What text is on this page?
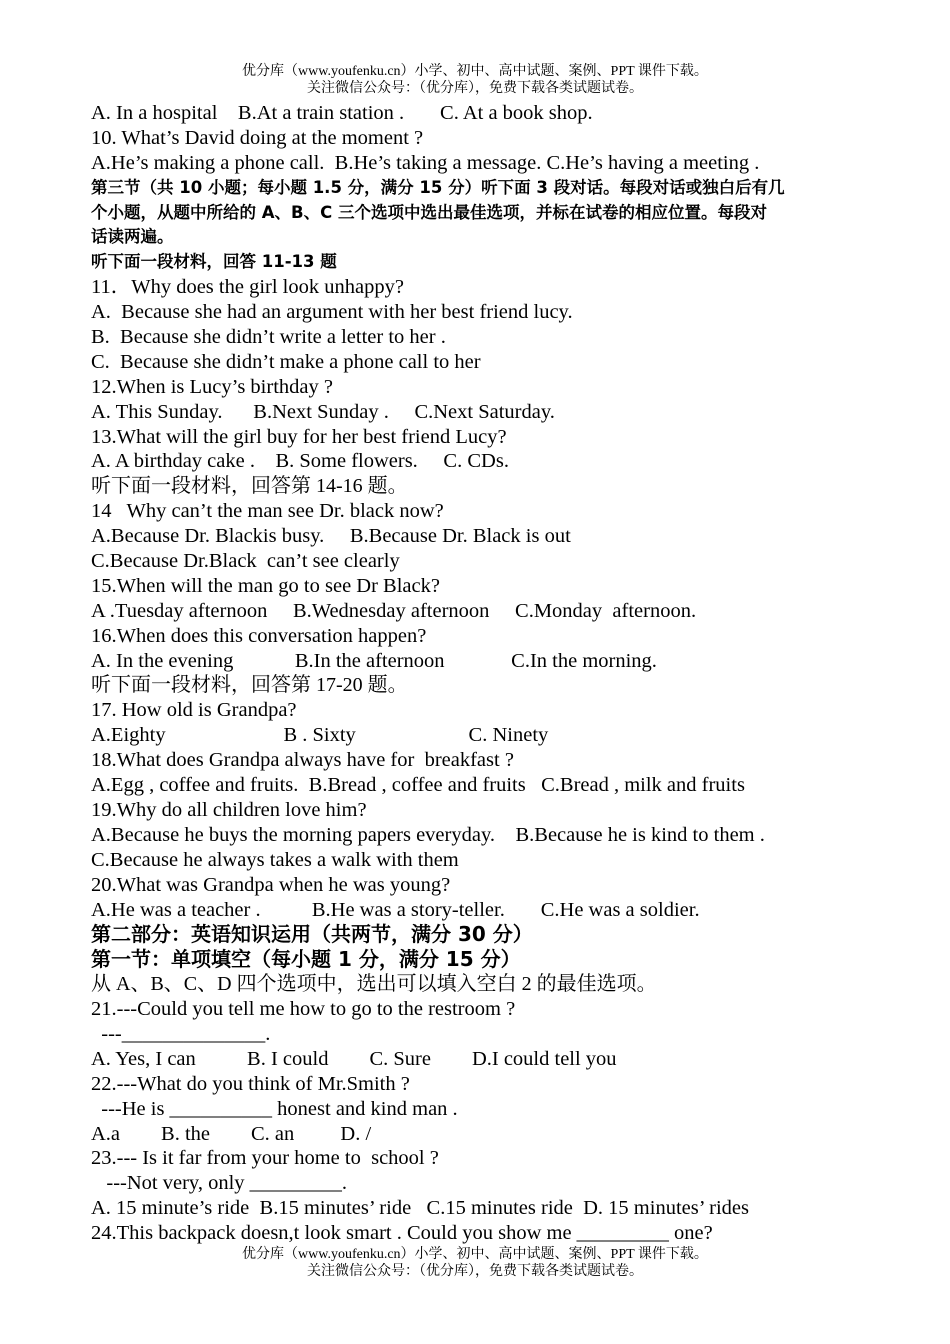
优分库（www.youfenku.cn）小学、初中、高中试题、案例、PPT 课件下载。
关注微信公众号：（优分库），免费下载各类试题试卷。
A. In a hospital    B.At a train station .       C. At a book shop.
10. What’s David doing at the moment ?
A.He’s making a phone call.  B.He’s taking a message. C.He’s having a meeting .
第三节（共 10 小题；每小题 1.5 分，满分 15 分）听下面 3 段对话。每段对话或独白后有几
个小题，从题中所给的 A、B、C 三个选项中选出最佳选项，并标在试卷的相应位置。每段对
话读两遍。
听下面一段材料，回答 11-13 题
11．Why does the girl look unhappy?
A.  Because she had an argument with her best friend lucy.
B.  Because she didn’t write a letter to her .
C.  Because she didn’t make a phone call to her
12.When is Lucy’s birthday ?
A. This Sunday.      B.Next Sunday .     C.Next Saturday.
13.What will the girl buy for her best friend Lucy?
A. A birthday cake .    B. Some flowers.     C. CDs.
听下面一段材料，回答第 14-16 题。
14   Why can’t the man see Dr. black now?
A.Because Dr. Blackis busy.     B.Because Dr. Black is out
C.Because Dr.Black  can’t see clearly
15.When will the man go to see Dr Black?
A .Tuesday afternoon     B.Wednesday afternoon     C.Monday  afternoon.
16.When does this conversation happen?
A. In the evening            B.In the afternoon             C.In the morning.
听下面一段材料，回答第 17-20 题。
17. How old is Grandpa?
A.Eighty                       B . Sixty                      C. Ninety
18.What does Grandpa always have for  breakfast ?
A.Egg , coffee and fruits.  B.Bread , coffee and fruits   C.Bread , milk and fruits
19.Why do all children love him?
A.Because he buys the morning papers everyday.    B.Because he is kind to them .
C.Because he always takes a walk with them
20.What was Grandpa when he was young?
A.He was a teacher .          B.He was a story-teller.       C.He was a soldier.
第二部分：英语知识运用（共两节，满分 30 分）
第一节：单项填空（每小题 1 分，满分 15 分）
从 A、B、C、D 四个选项中，选出可以填入空白 2 的最佳选项。
21.---Could you tell me how to go to the restroom ?
---______________.
A. Yes, I can          B. I could        C. Sure        D.I could tell you
22.---What do you think of Mr.Smith ?
---He is __________ honest and kind man .
A.a        B. the        C. an         D. /
23.--- Is it far from your home to  school ?
---Not very, only _________.
A. 15 minute’s ride  B.15 minutes’ ride   C.15 minutes ride  D. 15 minutes’ rides
24.This backpack doesn,t look smart . Could you show me _________ one?
优分库（www.youfenku.cn）小学、初中、高中试题、案例、PPT 课件下载。
关注微信公众号：（优分库），免费下载各类试题试卷。
